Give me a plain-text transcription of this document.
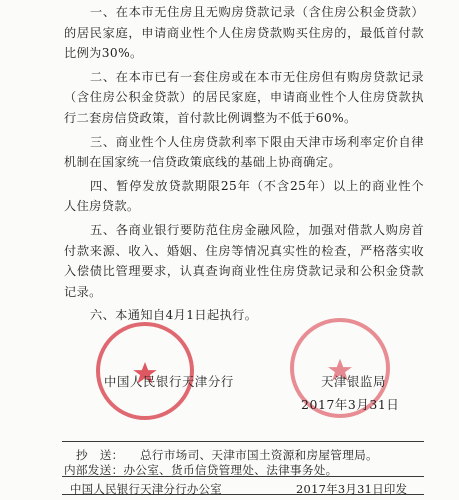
一、在本市无住房且无购房贷款记录（含住房公积金贷款）的居民家庭，申请商业性个人住房贷款购买住房的，最低首付款比例为30%。

二、在本市已有一套住房或在本市无住房但有购房贷款记录（含住房公积金贷款）的居民家庭，申请商业性个人住房贷款执行二套房信贷政策，首付款比例调整为不低于60%。

三、商业性个人住房贷款利率下限由天津市场利率定价自律机制在国家统一信贷政策底线的基础上协商确定。

四、暂停发放贷款期限25年（不含25年）以上的商业性个人住房贷款。

五、各商业银行要防范住房金融风险，加强对借款人购房首付款来源、收入、婚姻、住房等情况真实性的检查，严格落实收入偿债比管理要求，认真查询商业性住房贷款记录和公积金贷款记录。

六、本通知自4月1日起执行。

中国人民银行天津分行	天津银监局
2017年3月31日
抄　送： 总行市场司、天津市国土资源和房屋管理局。
内部发送：办公室、货币信贷管理处、法律事务处。
中国人民银行天津分行办公室	2017年3月31日印发
